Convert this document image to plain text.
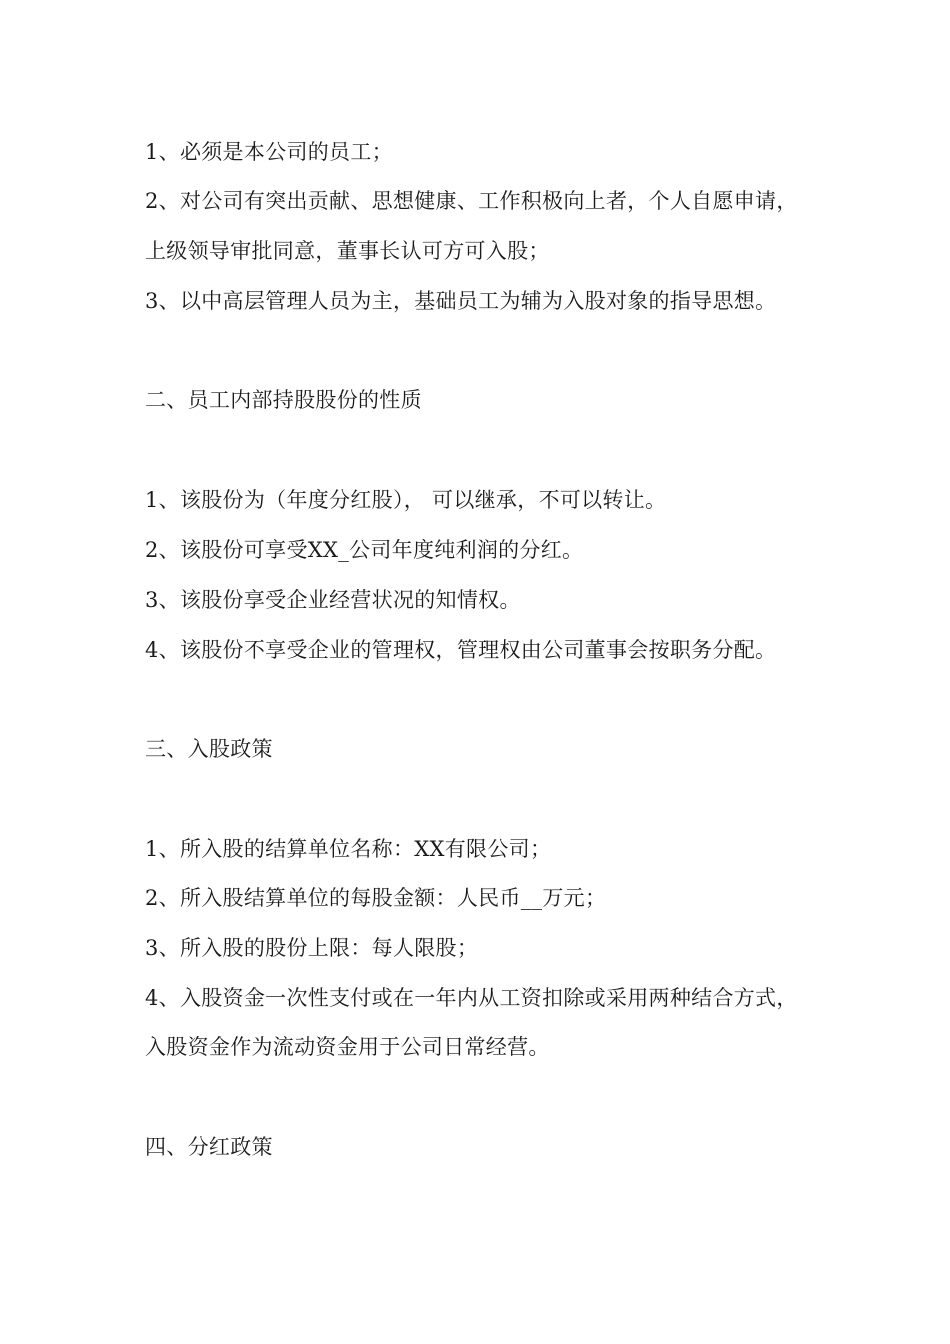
1、必须是本公司的员工；
2、对公司有突出贡献、思想健康、工作积极向上者，个人自愿申请，
上级领导审批同意，董事长认可方可入股；
3、以中高层管理人员为主，基础员工为辅为入股对象的指导思想。
二、员工内部持股股份的性质
1、该股份为（年度分红股）， 可以继承，不可以转让。
2、该股份可享受XX_公司年度纯利润的分红。
3、该股份享受企业经营状况的知情权。
4、该股份不享受企业的管理权，管理权由公司董事会按职务分配。
三、入股政策
1、所入股的结算单位名称：XX有限公司；
2、所入股结算单位的每股金额：人民币__万元；
3、所入股的股份上限：每人限股；
4、入股资金一次性支付或在一年内从工资扣除或采用两种结合方式，
入股资金作为流动资金用于公司日常经营。
四、分红政策
